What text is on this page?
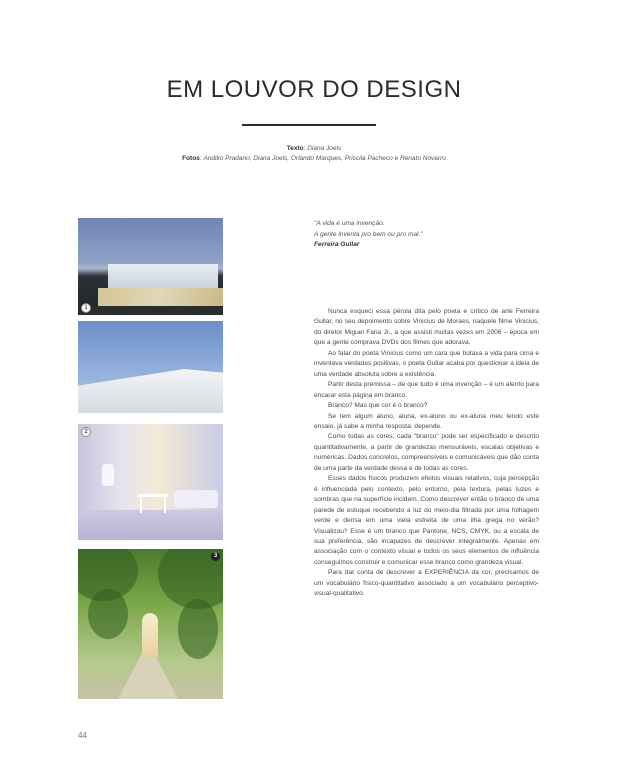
EM LOUVOR DO DESIGN
Texto: Diana Joels
Fotos: Andiko Pradano, Diana Joels, Orlando Marques, Priscila Pacheco e Renato Novarro
1
2
3
"A vida é uma invenção.
A gente inventa pro bem ou pro mal."
Ferreira Gullar

Nunca esqueci essa pérola dita pelo poeta e crítico de arte Ferreira Gullar, no seu depoimento sobre Vinicius de Moraes, naquele filme Vinicius, do diretor Miguel Faria Jr., a que assisti muitas vezes em 2006 – época em que a gente comprava DVDs dos filmes que adorava.

Ao falar do poeta Vinicius como um cara que botava a vida para cima e inventava verdades positivas, o poeta Gullar acaba por questionar a ideia de uma verdade absoluta sobre a existência.

Partir desta premissa – de que tudo é uma invenção – é um alento para encarar esta página em branco.

Branco? Mas que cor é o branco?

Se tem algum aluno, aluna, ex-aluno ou ex-aluna meu lendo este ensaio, já sabe a minha resposta: depende.

Como todas as cores, cada "branco" pode ser especificado e descrito quantitativamente, a partir de grandezas mensuráveis, escalas objetivas e numéricas. Dados concretos, compreensíveis e comunicáveis que dão conta de uma parte da verdade dessa e de todas as cores.

Esses dados físicos produzem efeitos visuais relativos, cuja percepção é influenciada pelo contexto, pelo entorno, pela textura, pelas luzes e sombras que na superfície incidem. Como descrever então o branco de uma parede de estuque recebendo a luz do meio-dia filtrada por uma folhagem verde e densa em uma viela estreita de uma ilha grega no verão? Visualizou? Esse é um branco que Pantone, NCS, CMYK, ou a escala de sua preferência, são incapazes de descrever integralmente. Apenas em associação com o contexto visual e todos os seus elementos de influência conseguimos construir e comunicar esse branco como grandeza visual.

Para dar conta de descrever a EXPERIÊNCIA da cor, precisamos de um vocabulário físico-quantitativo associado a um vocabulário perceptivo-visual-qualitativo.

44
